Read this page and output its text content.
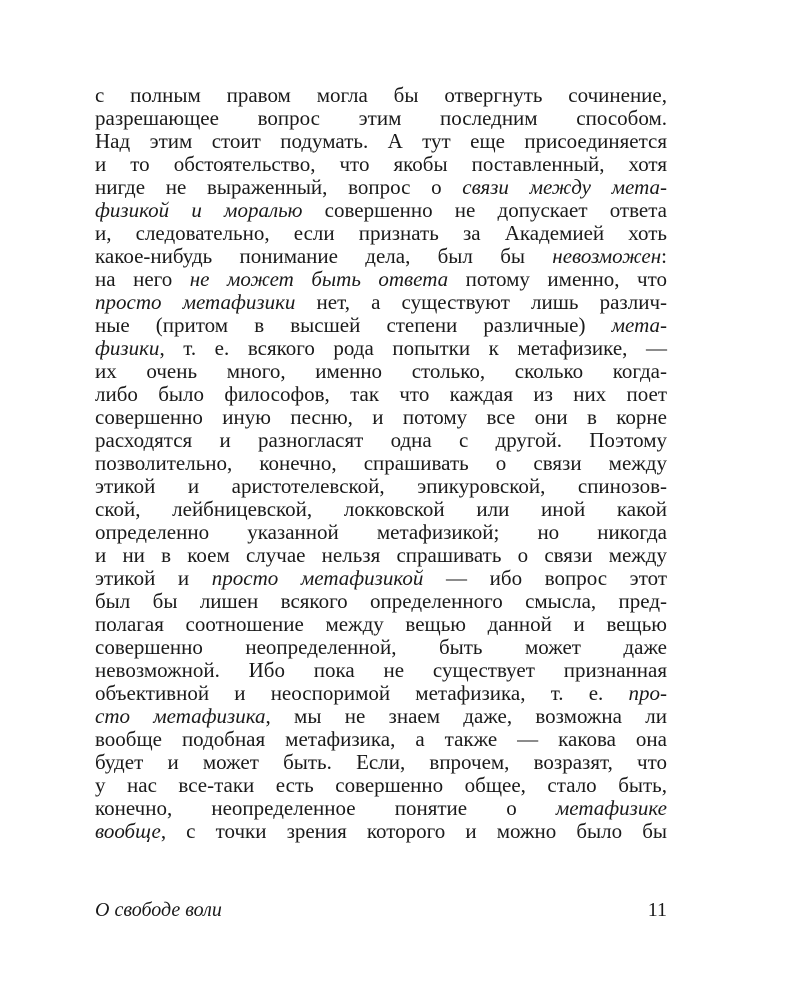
с полным правом могла бы отвергнуть сочинение,
разрешающее вопрос этим последним способом.
Над этим стоит подумать. А тут еще присоединяется
и то обстоятельство, что якобы поставленный, хотя
нигде не выраженный, вопрос о связи между мета-
физикой и моралью совершенно не допускает ответа
и, следовательно, если признать за Академией хоть
какое-нибудь понимание дела, был бы невозможен:
на него не может быть ответа потому именно, что
просто метафизики нет, а существуют лишь различ-
ные (притом в высшей степени различные) мета-
физики, т. е. всякого рода попытки к метафизике, —
их очень много, именно столько, сколько когда-
либо было философов, так что каждая из них поет
совершенно иную песню, и потому все они в корне
расходятся и разногласят одна с другой. Поэтому
позволительно, конечно, спрашивать о связи между
этикой и аристотелевской, эпикуровской, спинозов-
ской, лейбницевской, локковской или иной какой
определенно указанной метафизикой; но никогда
и ни в коем случае нельзя спрашивать о связи между
этикой и просто метафизикой — ибо вопрос этот
был бы лишен всякого определенного смысла, пред-
полагая соотношение между вещью данной и вещью
совершенно неопределенной, быть может даже
невозможной. Ибо пока не существует признанная
объективной и неоспоримой метафизика, т. е. про-
сто метафизика, мы не знаем даже, возможна ли
вообще подобная метафизика, а также — какова она
будет и может быть. Если, впрочем, возразят, что
у нас все-таки есть совершенно общее, стало быть,
конечно, неопределенное понятие о метафизике
вообще, с точки зрения которого и можно было бы
О свободе воли	11
